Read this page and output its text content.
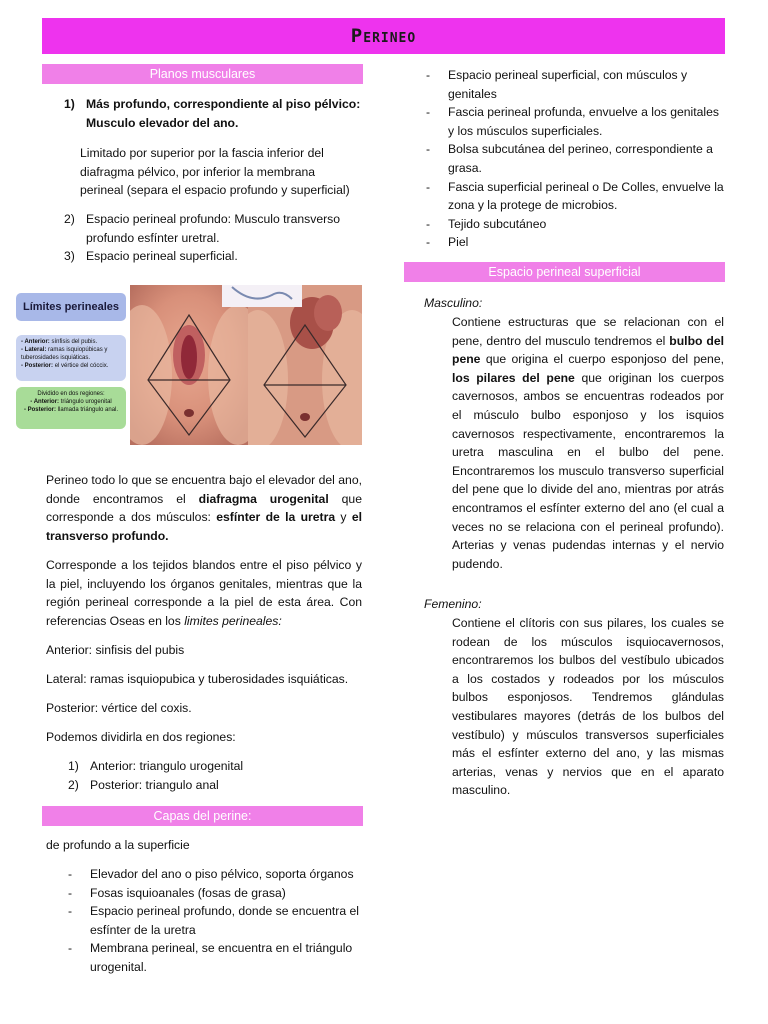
Perineo
Planos musculares
1) Más profundo, correspondiente al piso pélvico: Musculo elevador del ano.

Limitado por superior por la fascia inferior del diafragma pélvico, por inferior la membrana perineal (separa el espacio profundo y superficial)

2) Espacio perineal profundo: Musculo transverso profundo esfínter uretral.
3) Espacio perineal superficial.
Límites perineales
- Anterior: sínfisis del pubis.
- Lateral: ramas isquiopúbicas y tuberosidades isquiáticas.
- Posterior: el vértice del cóccix.
Dividido en dos regiones:
- Anterior: triángulo urogenital
- Posterior: llamada triángulo anal.

Perineo todo lo que se encuentra bajo el elevador del ano, donde encontramos el diafragma urogenital que corresponde a dos músculos: esfínter de la uretra y el transverso profundo.

Corresponde a los tejidos blandos entre el piso pélvico y la piel, incluyendo los órganos genitales, mientras que la región perineal corresponde a la piel de esta área. Con referencias Oseas en los limites perineales:

Anterior: sinfisis del pubis

Lateral: ramas isquiopubica y tuberosidades isquiáticas.

Posterior: vértice del coxis.

Podemos dividirla en dos regiones:

1) Anterior: triangulo urogenital
2) Posterior: triangulo anal
Capas del perine:

de profundo a la superficie

- Elevador del ano o piso pélvico, soporta órganos
- Fosas isquioanales (fosas de grasa)
- Espacio perineal profundo, donde se encuentra el esfínter de la uretra
- Membrana perineal, se encuentra en el triángulo urogenital.
- Espacio perineal superficial, con músculos y genitales
- Fascia perineal profunda, envuelve a los genitales y los músculos superficiales.
- Bolsa subcutánea del perineo, correspondiente a grasa.
- Fascia superficial perineal o De Colles, envuelve la zona y la protege de microbios.
- Tejido subcutáneo
- Piel
Espacio perineal superficial

Masculino:

Contiene estructuras que se relacionan con el pene, dentro del musculo tendremos el bulbo del pene que origina el cuerpo esponjoso del pene, los pilares del pene que originan los cuerpos cavernosos, ambos se encuentras rodeados por el músculo bulbo esponjoso y los isquios cavernosos respectivamente, encontraremos la uretra masculina en el bulbo del pene. Encontraremos los musculo transverso superficial del pene que lo divide del ano, mientras por atrás encontramos el esfínter externo del ano (el cual a veces no se relaciona con el perineal profundo). Arterias y venas pudendas internas y el nervio pudendo.

Femenino:

Contiene el clítoris con sus pilares, los cuales se rodean de los músculos isquiocavernosos, encontraremos los bulbos del vestíbulo ubicados a los costados y rodeados por los músculos bulbos esponjosos. Tendremos glándulas vestibulares mayores (detrás de los bulbos del vestíbulo) y músculos transversos superficiales más el esfínter externo del ano, y las mismas arterias, venas y nervios que en el aparato masculino.
